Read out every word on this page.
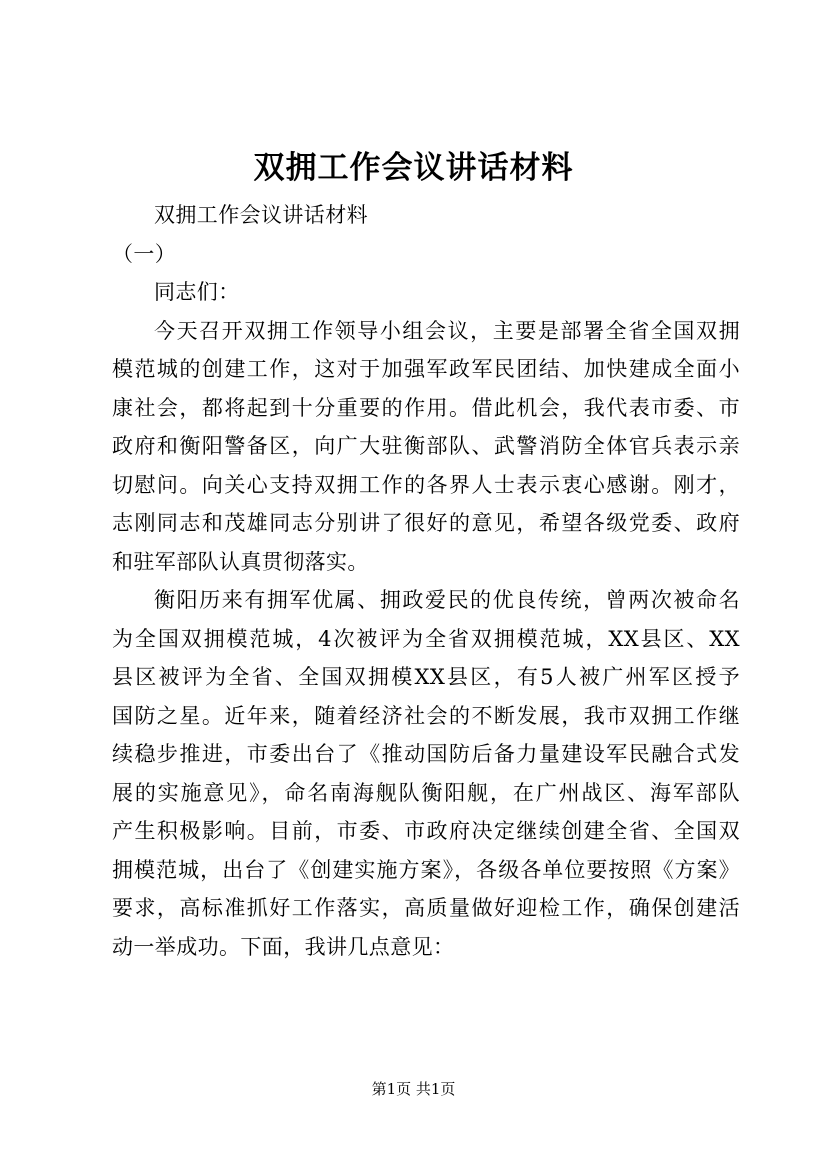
双拥工作会议讲话材料
双拥工作会议讲话材料
（一）
同志们：
今天召开双拥工作领导小组会议，主要是部署全省全国双拥
模范城的创建工作，这对于加强军政军民团结、加快建成全面小
康社会，都将起到十分重要的作用。借此机会，我代表市委、市
政府和衡阳警备区，向广大驻衡部队、武警消防全体官兵表示亲
切慰问。向关心支持双拥工作的各界人士表示衷心感谢。刚才，
志刚同志和茂雄同志分别讲了很好的意见，希望各级党委、政府
和驻军部队认真贯彻落实。
衡阳历来有拥军优属、拥政爱民的优良传统，曾两次被命名
为全国双拥模范城，4次被评为全省双拥模范城，XX县区、XX
县区被评为全省、全国双拥模XX县区，有5人被广州军区授予
国防之星。近年来，随着经济社会的不断发展，我市双拥工作继
续稳步推进，市委出台了《推动国防后备力量建设军民融合式发
展的实施意见》，命名南海舰队衡阳舰，在广州战区、海军部队
产生积极影响。目前，市委、市政府决定继续创建全省、全国双
拥模范城，出台了《创建实施方案》，各级各单位要按照《方案》
要求，高标准抓好工作落实，高质量做好迎检工作，确保创建活
动一举成功。下面，我讲几点意见：
第1页 共1页
